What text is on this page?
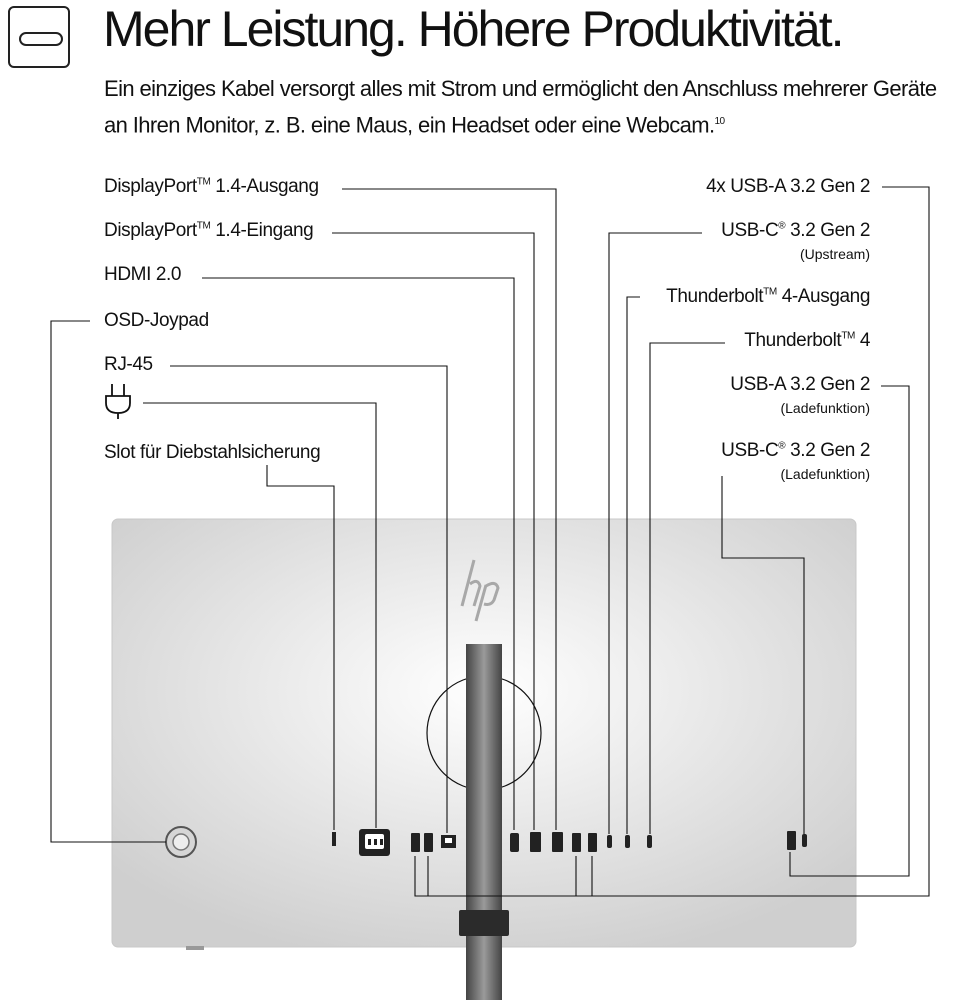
Mehr Leistung. Höhere Produktivität.
Ein einziges Kabel versorgt alles mit Strom und ermöglicht den Anschluss mehrerer Geräte an Ihren Monitor, z. B. eine Maus, ein Headset oder eine Webcam.$^{10}$
DisplayPort™ 1.4-Ausgang
DisplayPort™ 1.4-Eingang
HDMI 2.0
OSD-Joypad
RJ-45
Slot für Diebstahlsicherung
4x USB-A 3.2 Gen 2
USB-C® 3.2 Gen 2
(Upstream)
Thunderbolt™ 4-Ausgang
Thunderbolt™ 4
USB-A 3.2 Gen 2
(Ladefunktion)
USB-C® 3.2 Gen 2
(Ladefunktion)
